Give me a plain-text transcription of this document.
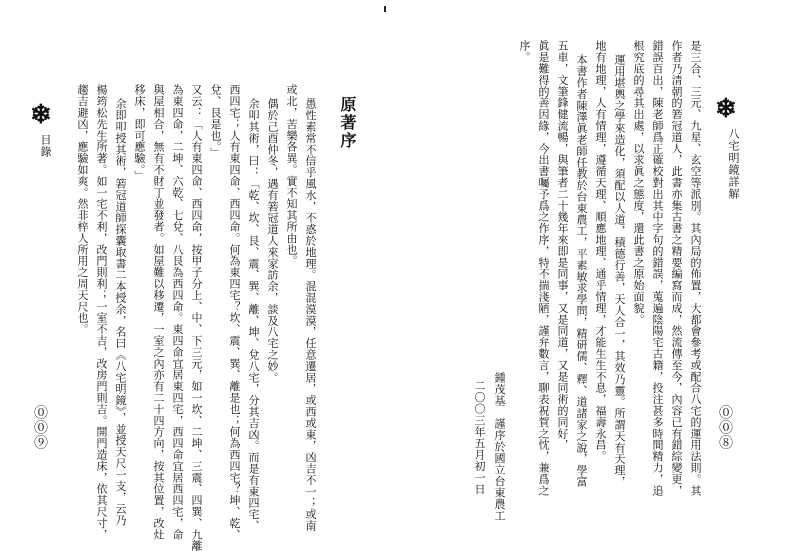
❄
八宅明鏡詳解
⓪⓪⑧
是三合、三元、九星、玄空等派別。其內局的佈置，大都會參考或配合八宅的運用法則。其
作者乃清朝的箬冠道人，此書亦集古書之精要編寫而成，然流傳至今，內容已有錯綜變更，
錯誤百出，陳老師爲正確校對出其中字句的錯誤，蒐遍陰陽宅古籍，投注甚多時間精力，追
根究底的尋其出處，以求眞之態度，還此書之原始面貌。
運用堪輿之學來造化，須配以人道，積德行善，天人合一，其效乃靈。所謂天有天理，
地有地理，人有情理，遵循天理、順應地理、通乎情理，才能生生不息，福壽永昌。
本書作者陳澤眞老師任教於台東農工，平素敏求學問，精研儒、釋、道諸家之說，學富
五車，文筆鋒健流暢，與筆者二十幾年來即是同事，又是同道，又是同術的同好，
眞是難得的善因緣，今出書囑予爲之作序，特不揣淺陋，謹弁數言，聊表祝賀之忱，兼爲之
序。
鍾茂基　謹序於國立台東農工
二〇〇三年五月初一日
原著序
愚性素常不信乎風水，不惑於地理。混混漠漠，任意遷居，或西或東，凶吉不一；或南
或北，苦樂各異。實不知其所由也。
偶於己酉仲冬，遇有箬冠道人來家訪余，談及八宅之妙。
余叩其術，曰：「乾、坎、艮、震、巽、離、坤、兌八宅，分其吉凶。而是有東四宅、
西四宅；人有東四命、西四命。何為東四宅？坎、震、巽、離是也；何為西四宅？坤、乾、
兌、艮是也。」
又云：「人有東四命、西四命，按甲子分上、中、下三元，如一坎、二坤、三震、四巽、九離
為東四命，二坤、六乾、七兌、八艮為西四命。東四命宜居東四宅，西四命宜居西四宅，命
與屋相合，無有不財丁並發者。如屋難以移遷，一室之內亦有二十四方向，按其位置，改灶
移床，即可應驗。」
余即叩授其術，箬冠道師探囊取書二本授余，名曰《八宅明鏡》，並授天尺一支，云乃
楊筠松先生所著。如一宅不利，改門則利；一室不吉，改房門則吉。開門造床，依其尺寸，
趨吉避凶，應驗如爽。然非梓人所用之周天尺也。
❄
目錄
⓪⓪⑨
